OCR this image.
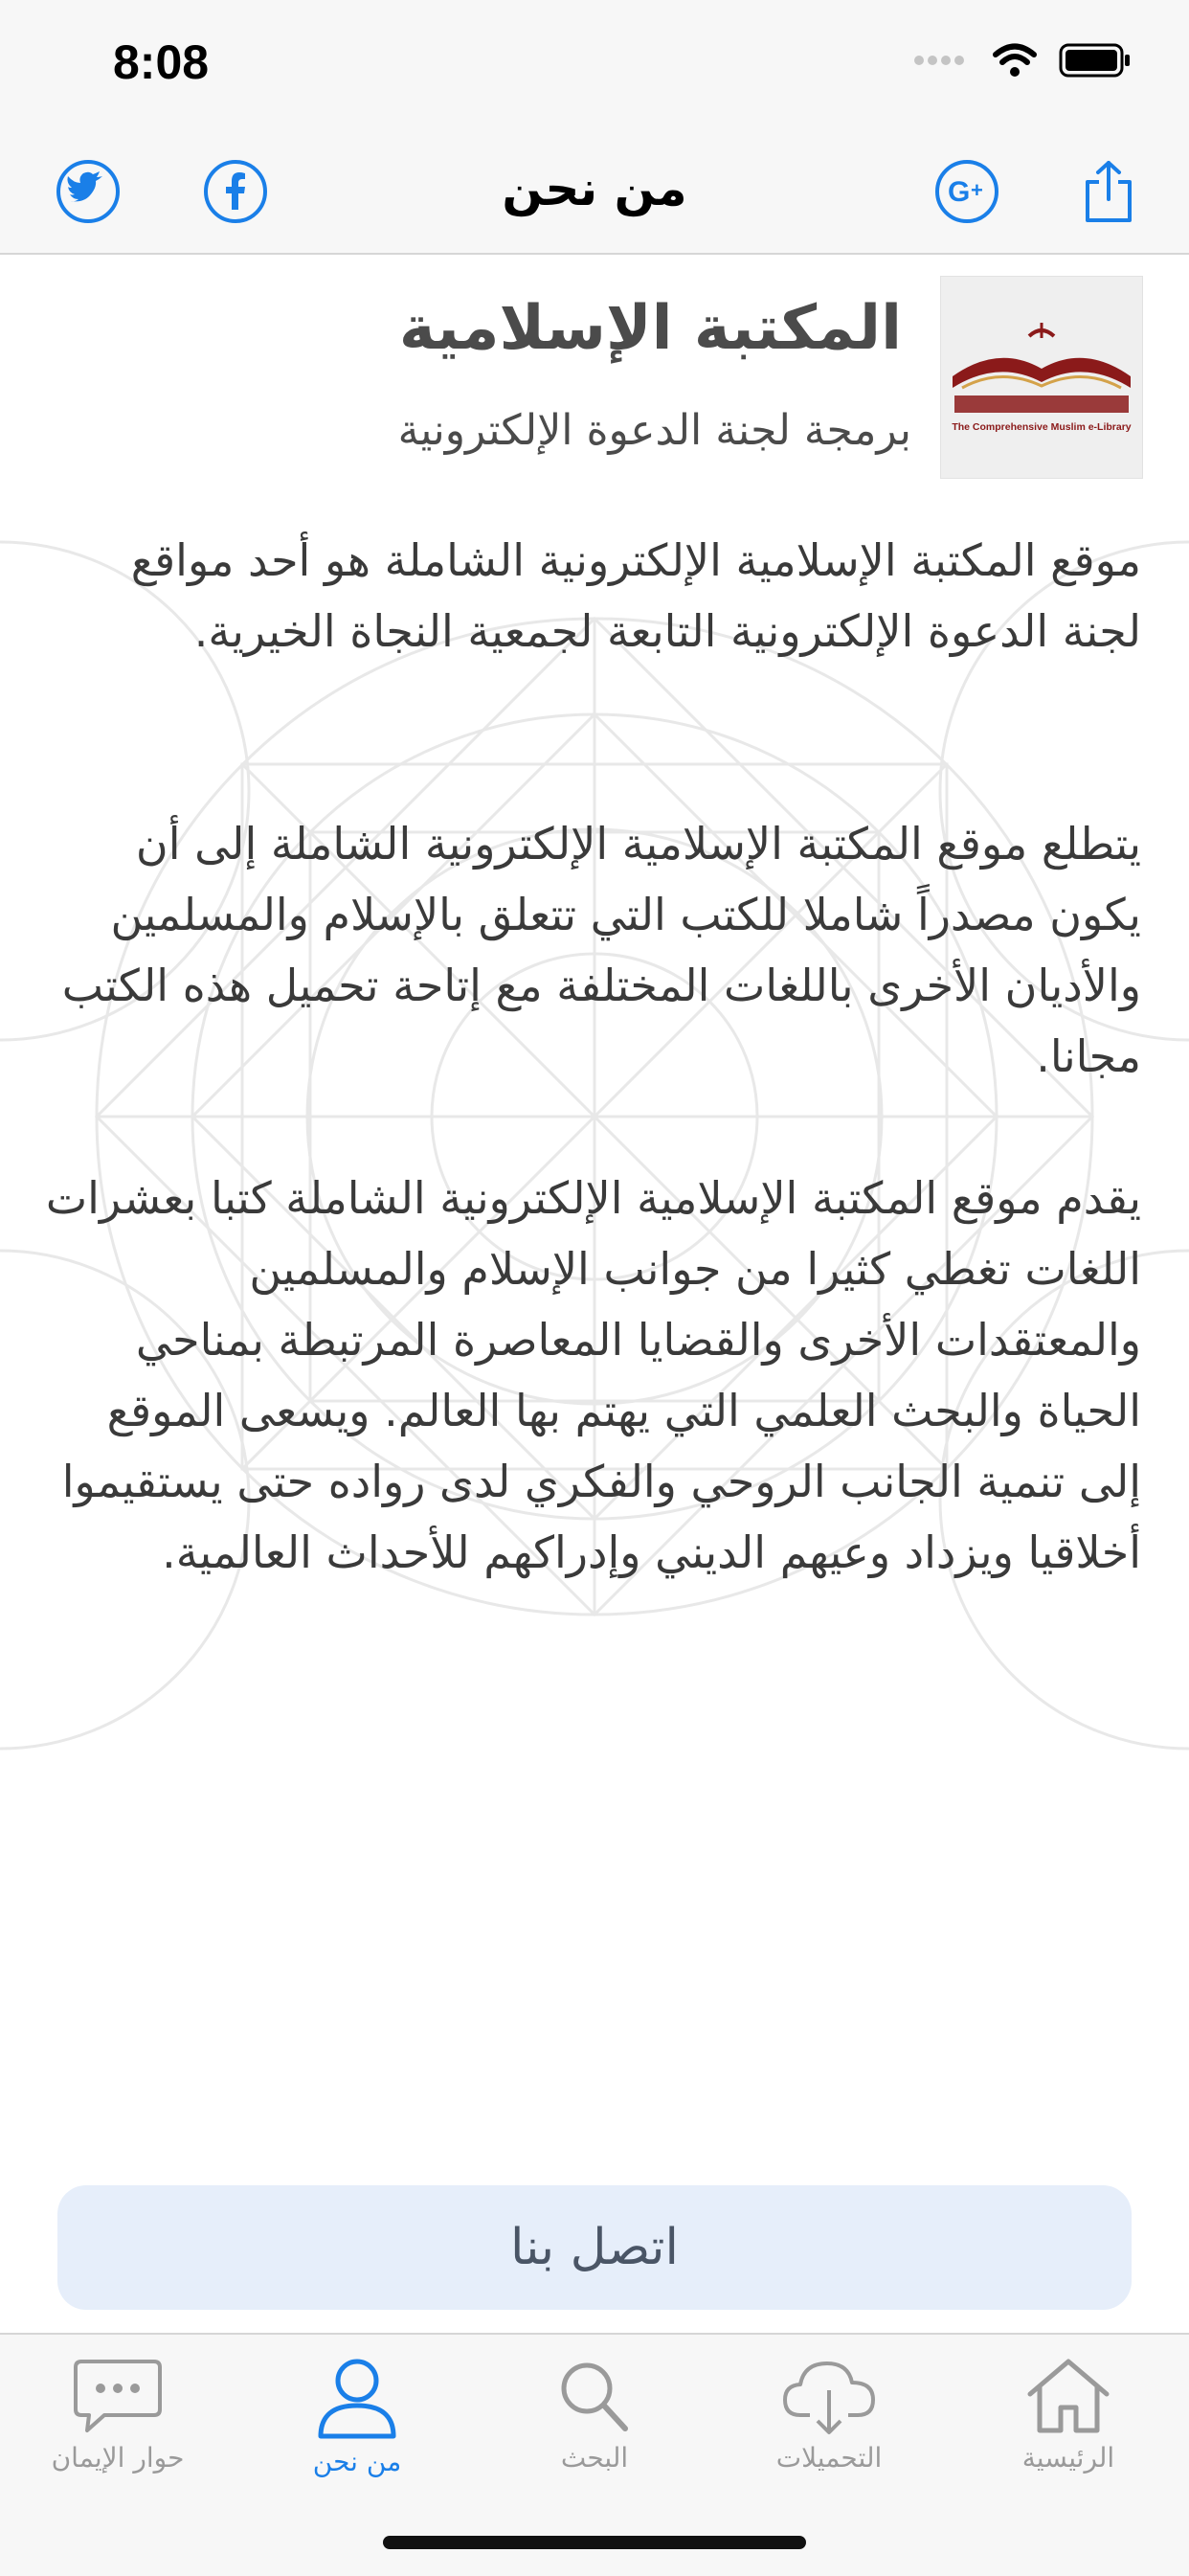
8:08
من نحن	G +
The Comprehensive Muslim e-Library
المكتبة الإسلامية
برمجة لجنة الدعوة الإلكترونية

موقع المكتبة الإسلامية الإلكترونية الشاملة هو أحد مواقع لجنة الدعوة الإلكترونية التابعة لجمعية النجاة الخيرية.

يتطلع موقع المكتبة الإسلامية الإلكترونية الشاملة إلى أن يكون مصدراً شاملا للكتب التي تتعلق بالإسلام والمسلمين والأديان الأخرى باللغات المختلفة مع إتاحة تحميل هذه الكتب مجانا.

يقدم موقع المكتبة الإسلامية الإلكترونية الشاملة كتبا بعشرات اللغات تغطي كثيرا من جوانب الإسلام والمسلمين والمعتقدات الأخرى والقضايا المعاصرة المرتبطة بمناحي الحياة والبحث العلمي التي يهتم بها العالم. ويسعى الموقع إلى تنمية الجانب الروحي والفكري لدى رواده حتى يستقيموا أخلاقيا ويزداد وعيهم الديني وإدراكهم للأحداث العالمية.

اتصل بنا
الرئيسية
التحميلات
البحث
من نحن
حوار الإيمان
